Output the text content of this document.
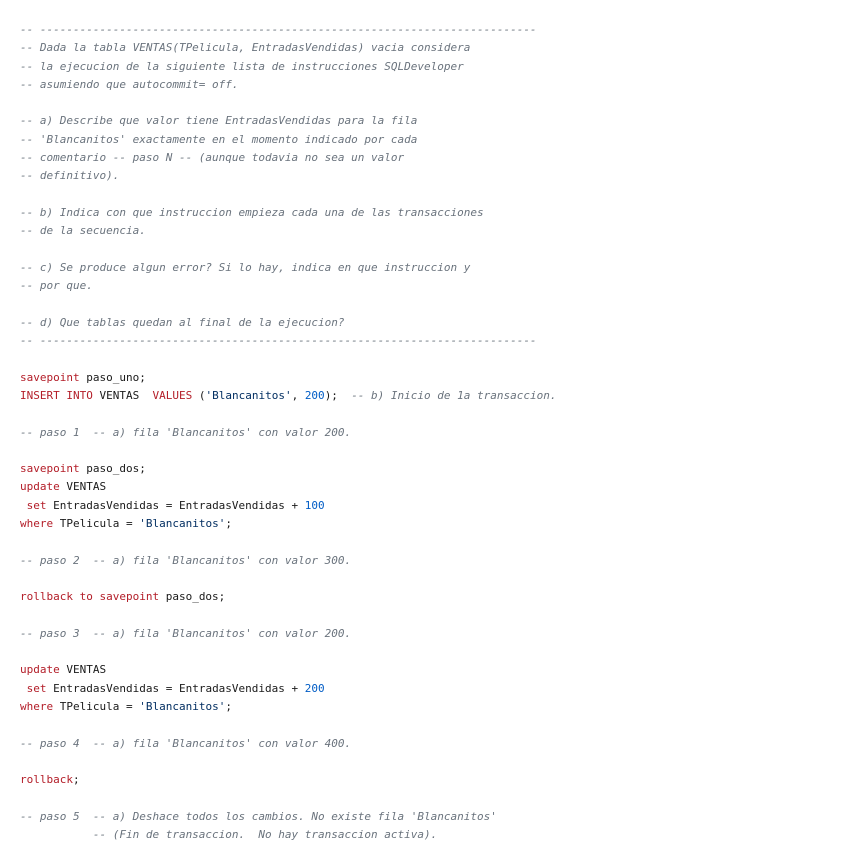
-- ---------------------------------------------------------------------------
-- Dada la tabla VENTAS(TPelicula, EntradasVendidas) vacia considera
-- la ejecucion de la siguiente lista de instrucciones SQLDeveloper
-- asumiendo que autocommit= off.
-- a) Describe que valor tiene EntradasVendidas para la fila
-- 'Blancanitos' exactamente en el momento indicado por cada
-- comentario -- paso N -- (aunque todavia no sea un valor
-- definitivo).
-- b) Indica con que instruccion empieza cada una de las transacciones
-- de la secuencia.
-- c) Se produce algun error? Si lo hay, indica en que instruccion y
-- por que.
-- d) Que tablas quedan al final de la ejecucion?
-- ---------------------------------------------------------------------------
savepoint paso_uno;
INSERT INTO VENTAS  VALUES ('Blancanitos', 200);  -- b) Inicio de 1a transaccion.
-- paso 1  -- a) fila 'Blancanitos' con valor 200.
savepoint paso_dos;
update VENTAS
set EntradasVendidas = EntradasVendidas + 100
where TPelicula = 'Blancanitos';
-- paso 2  -- a) fila 'Blancanitos' con valor 300.
rollback to savepoint paso_dos;
-- paso 3  -- a) fila 'Blancanitos' con valor 200.
update VENTAS
set EntradasVendidas = EntradasVendidas + 200
where TPelicula = 'Blancanitos';
-- paso 4  -- a) fila 'Blancanitos' con valor 400.
rollback;
-- paso 5  -- a) Deshace todos los cambios. No existe fila 'Blancanitos'
-- (Fin de transaccion.  No hay transaccion activa).
